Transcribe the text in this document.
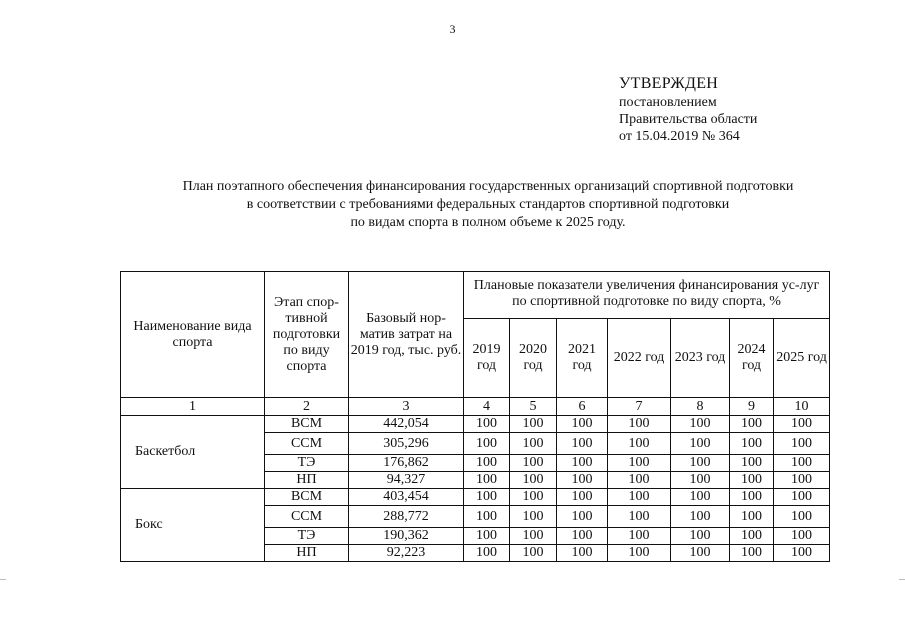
3
УТВЕРЖДЕН
постановлением
Правительства области
от 15.04.2019 № 364
План поэтапного обеспечения финансирования государственных организаций спортивной подготовки
в соответствии с требованиями федеральных стандартов спортивной подготовки
по видам спорта в полном объеме к 2025 году.
Наименование вида спорта	Этап спор-тивной подготовки по виду спорта	Базовый нор-матив затрат на 2019 год, тыс. руб.	Плановые показатели увеличения финансирования ус-луг по спортивной подготовке по виду спорта, %						
			2019 год	2020 год	2021 год	2022 год	2023 год	2024 год	2025 год
1	2	3	4	5	6	7	8	9	10
Баскетбол	ВСМ	442,054	100	100	100	100	100	100	100
	ССМ	305,296	100	100	100	100	100	100	100
	ТЭ	176,862	100	100	100	100	100	100	100
	НП	94,327	100	100	100	100	100	100	100
Бокс	ВСМ	403,454	100	100	100	100	100	100	100
	ССМ	288,772	100	100	100	100	100	100	100
	ТЭ	190,362	100	100	100	100	100	100	100
	НП	92,223	100	100	100	100	100	100	100
